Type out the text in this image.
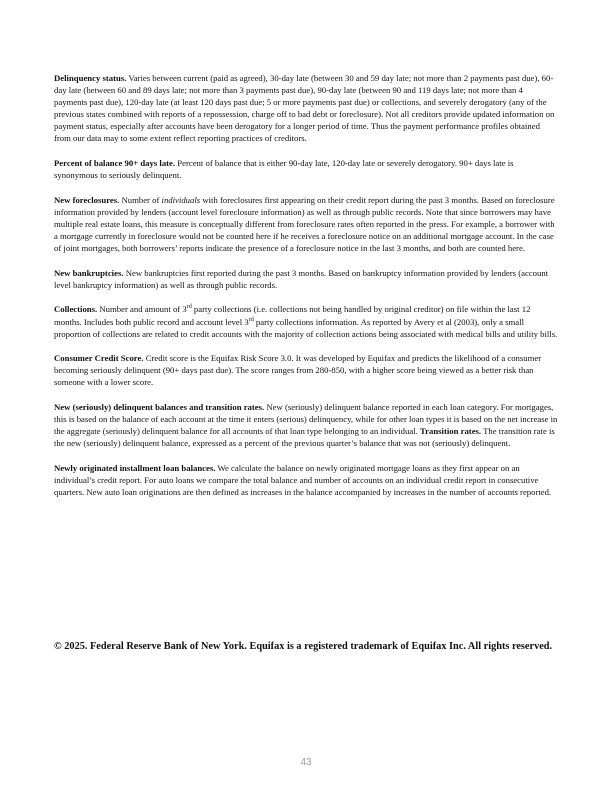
Delinquency status. Varies between current (paid as agreed), 30-day late (between 30 and 59 day late; not more than 2 payments past due), 60-day late (between 60 and 89 days late; not more than 3 payments past due), 90-day late (between 90 and 119 days late; not more than 4 payments past due), 120-day late (at least 120 days past due; 5 or more payments past due) or collections, and severely derogatory (any of the previous states combined with reports of a repossession, charge off to bad debt or foreclosure). Not all creditors provide updated information on payment status, especially after accounts have been derogatory for a longer period of time. Thus the payment performance profiles obtained from our data may to some extent reflect reporting practices of creditors.

Percent of balance 90+ days late. Percent of balance that is either 90-day late, 120-day late or severely derogatory. 90+ days late is synonymous to seriously delinquent.

New foreclosures. Number of individuals with foreclosures first appearing on their credit report during the past 3 months. Based on foreclosure information provided by lenders (account level foreclosure information) as well as through public records. Note that since borrowers may have multiple real estate loans, this measure is conceptually different from foreclosure rates often reported in the press. For example, a borrower with a mortgage currently in foreclosure would not be counted here if he receives a foreclosure notice on an additional mortgage account. In the case of joint mortgages, both borrowers’ reports indicate the presence of a foreclosure notice in the last 3 months, and both are counted here.

New bankruptcies. New bankruptcies first reported during the past 3 months. Based on bankruptcy information provided by lenders (account level bankruptcy information) as well as through public records.

Collections. Number and amount of 3rd party collections (i.e. collections not being handled by original creditor) on file within the last 12 months. Includes both public record and account level 3rd party collections information. As reported by Avery et al (2003), only a small proportion of collections are related to credit accounts with the majority of collection actions being associated with medical bills and utility bills.

Consumer Credit Score. Credit score is the Equifax Risk Score 3.0. It was developed by Equifax and predicts the likelihood of a consumer becoming seriously delinquent (90+ days past due). The score ranges from 280-850, with a higher score being viewed as a better risk than someone with a lower score.

New (seriously) delinquent balances and transition rates. New (seriously) delinquent balance reported in each loan category. For mortgages, this is based on the balance of each account at the time it enters (serious) delinquency, while for other loan types it is based on the net increase in the aggregate (seriously) delinquent balance for all accounts of that loan type belonging to an individual. Transition rates. The transition rate is the new (seriously) delinquent balance, expressed as a percent of the previous quarter’s balance that was not (seriously) delinquent.

Newly originated installment loan balances. We calculate the balance on newly originated mortgage loans as they first appear on an individual’s credit report. For auto loans we compare the total balance and number of accounts on an individual credit report in consecutive quarters. New auto loan originations are then defined as increases in the balance accompanied by increases in the number of accounts reported.

© 2025. Federal Reserve Bank of New York. Equifax is a registered trademark of Equifax Inc. All rights reserved.

43
